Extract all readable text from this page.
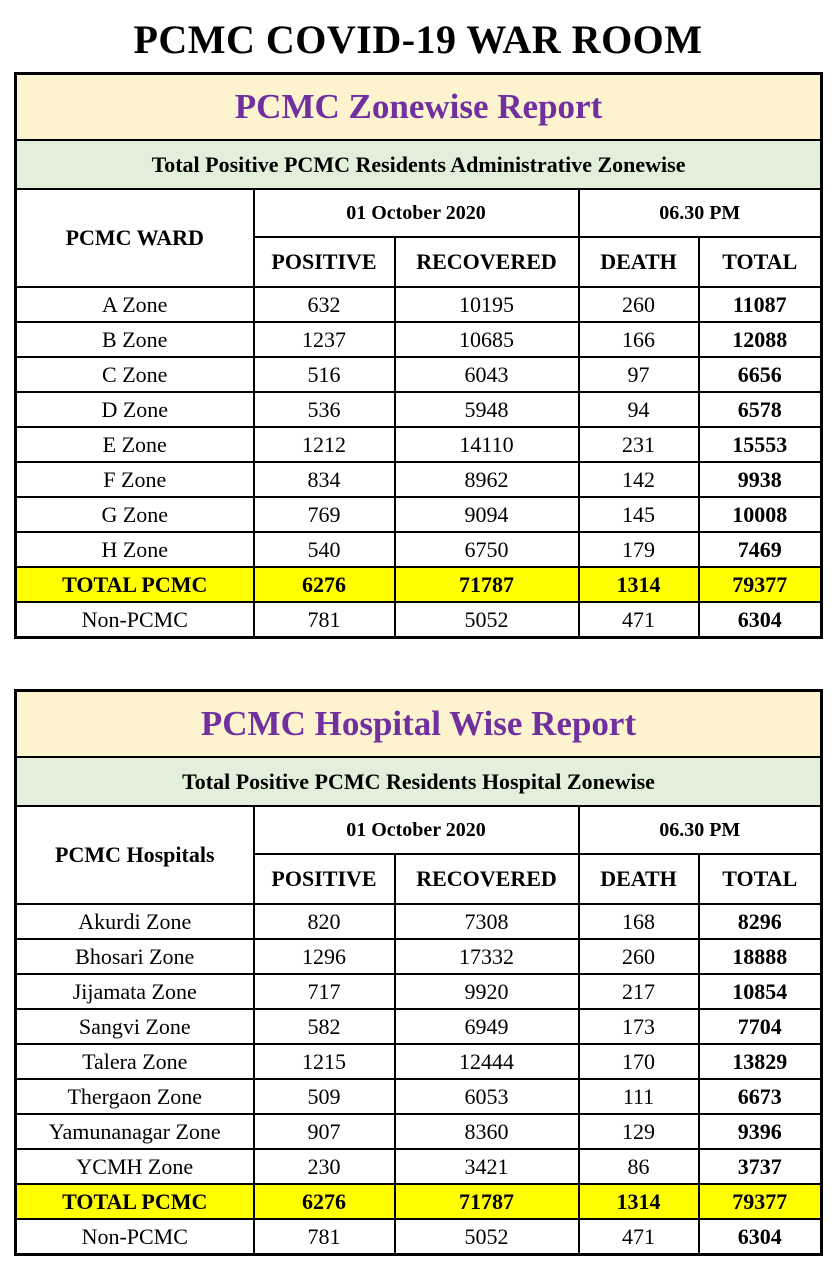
PCMC COVID-19 WAR ROOM
PCMC Zonewise Report				
Total Positive PCMC Residents Administrative Zonewise				
PCMC WARD	01 October 2020		06.30 PM	
	POSITIVE	RECOVERED	DEATH	TOTAL
A Zone	632	10195	260	11087
B Zone	1237	10685	166	12088
C Zone	516	6043	97	6656
D Zone	536	5948	94	6578
E Zone	1212	14110	231	15553
F Zone	834	8962	142	9938
G Zone	769	9094	145	10008
H Zone	540	6750	179	7469
TOTAL PCMC	6276	71787	1314	79377
Non-PCMC	781	5052	471	6304
PCMC Hospital Wise Report				
Total Positive PCMC Residents Hospital Zonewise				
PCMC Hospitals	01 October 2020		06.30 PM	
	POSITIVE	RECOVERED	DEATH	TOTAL
Akurdi Zone	820	7308	168	8296
Bhosari Zone	1296	17332	260	18888
Jijamata Zone	717	9920	217	10854
Sangvi Zone	582	6949	173	7704
Talera Zone	1215	12444	170	13829
Thergaon Zone	509	6053	111	6673
Yamunanagar Zone	907	8360	129	9396
YCMH Zone	230	3421	86	3737
TOTAL PCMC	6276	71787	1314	79377
Non-PCMC	781	5052	471	6304
